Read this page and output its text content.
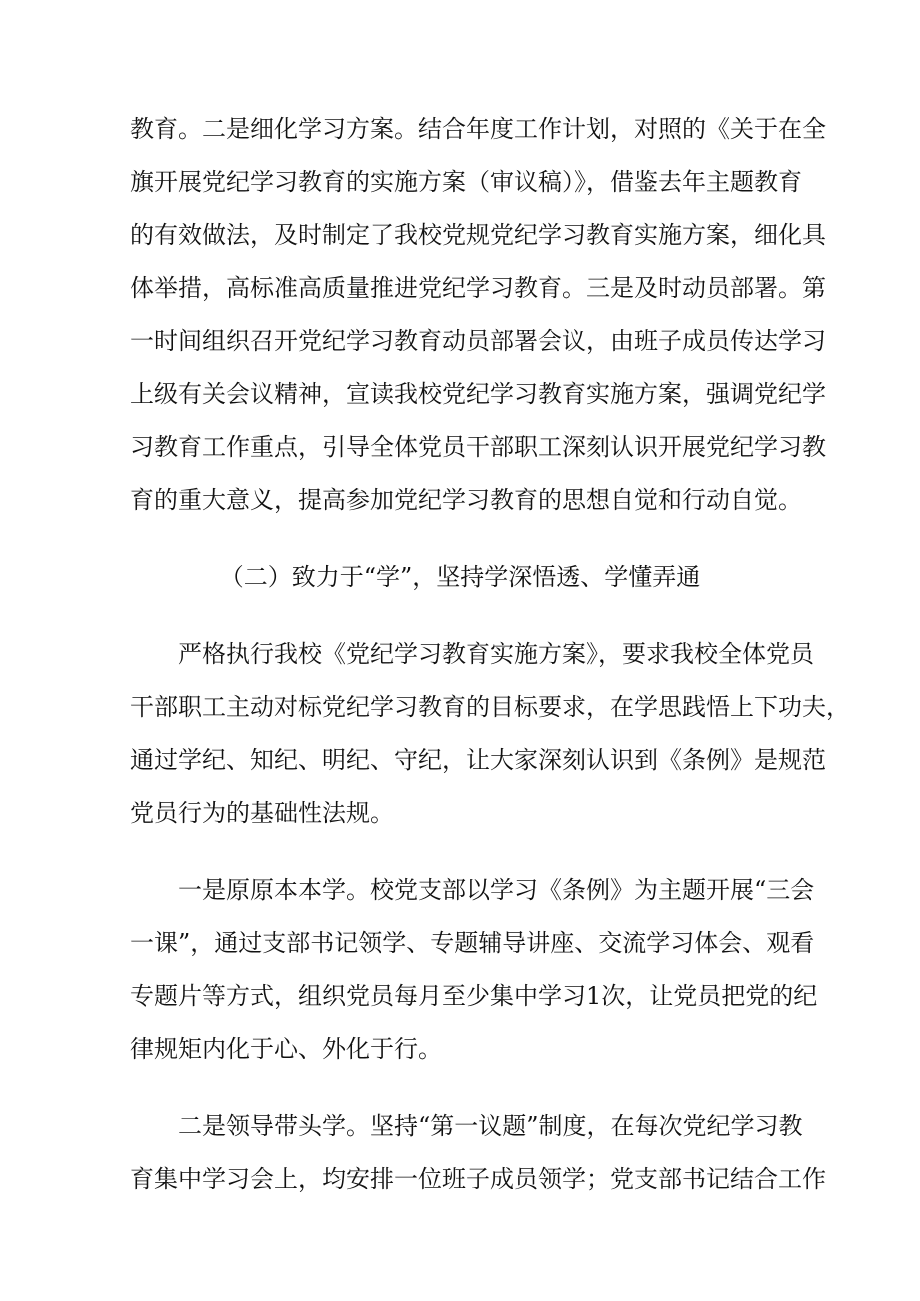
教育。二是细化学习方案。结合年度工作计划，对照的《关于在全
旗开展党纪学习教育的实施方案（审议稿）》，借鉴去年主题教育
的有效做法，及时制定了我校党规党纪学习教育实施方案，细化具
体举措，高标准高质量推进党纪学习教育。三是及时动员部署。第
一时间组织召开党纪学习教育动员部署会议，由班子成员传达学习
上级有关会议精神，宣读我校党纪学习教育实施方案，强调党纪学
习教育工作重点，引导全体党员干部职工深刻认识开展党纪学习教
育的重大意义，提高参加党纪学习教育的思想自觉和行动自觉。
（二）致力于“学”，坚持学深悟透、学懂弄通
严格执行我校《党纪学习教育实施方案》，要求我校全体党员
干部职工主动对标党纪学习教育的目标要求，在学思践悟上下功夫，
通过学纪、知纪、明纪、守纪，让大家深刻认识到《条例》是规范
党员行为的基础性法规。
一是原原本本学。校党支部以学习《条例》为主题开展“三会
一课”，通过支部书记领学、专题辅导讲座、交流学习体会、观看
专题片等方式，组织党员每月至少集中学习1次，让党员把党的纪
律规矩内化于心、外化于行。
二是领导带头学。坚持“第一议题”制度，在每次党纪学习教
育集中学习会上，均安排一位班子成员领学；党支部书记结合工作
